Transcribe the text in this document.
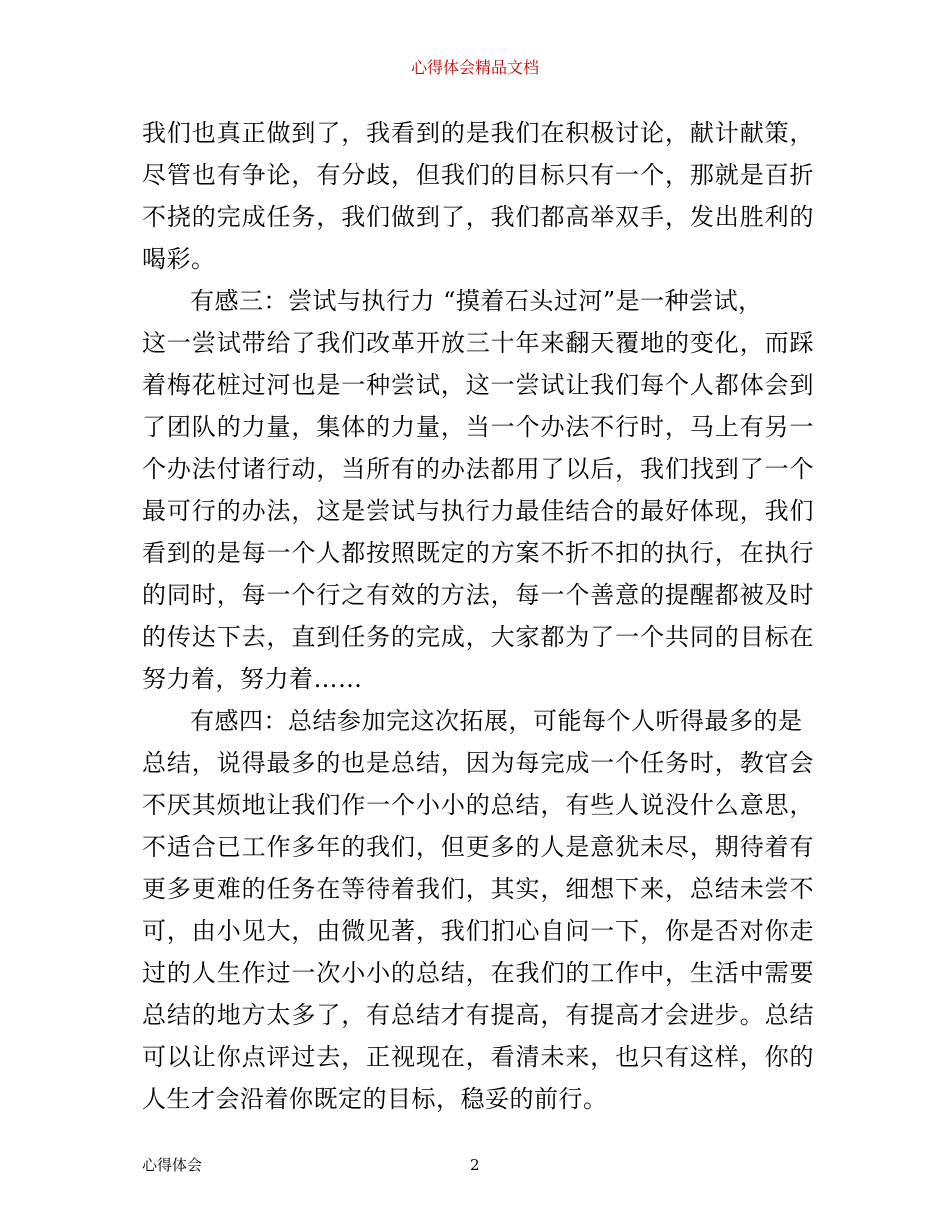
心得体会精品文档
我们也真正做到了，我看到的是我们在积极讨论，献计献策，
尽管也有争论，有分歧，但我们的目标只有一个，那就是百折
不挠的完成任务，我们做到了，我们都高举双手，发出胜利的
喝彩。
有感三：尝试与执行力 “摸着石头过河”是一种尝试，
这一尝试带给了我们改革开放三十年来翻天覆地的变化，而踩
着梅花桩过河也是一种尝试，这一尝试让我们每个人都体会到
了团队的力量，集体的力量，当一个办法不行时，马上有另一
个办法付诸行动，当所有的办法都用了以后，我们找到了一个
最可行的办法，这是尝试与执行力最佳结合的最好体现，我们
看到的是每一个人都按照既定的方案不折不扣的执行，在执行
的同时，每一个行之有效的方法，每一个善意的提醒都被及时
的传达下去，直到任务的完成，大家都为了一个共同的目标在
努力着，努力着……
有感四：总结参加完这次拓展，可能每个人听得最多的是
总结，说得最多的也是总结，因为每完成一个任务时，教官会
不厌其烦地让我们作一个小小的总结，有些人说没什么意思，
不适合已工作多年的我们，但更多的人是意犹未尽，期待着有
更多更难的任务在等待着我们，其实，细想下来，总结未尝不
可，由小见大，由微见著，我们扪心自问一下，你是否对你走
过的人生作过一次小小的总结，在我们的工作中，生活中需要
总结的地方太多了，有总结才有提高，有提高才会进步。总结
可以让你点评过去，正视现在，看清未来，也只有这样，你的
人生才会沿着你既定的目标，稳妥的前行。
心得体会	2
